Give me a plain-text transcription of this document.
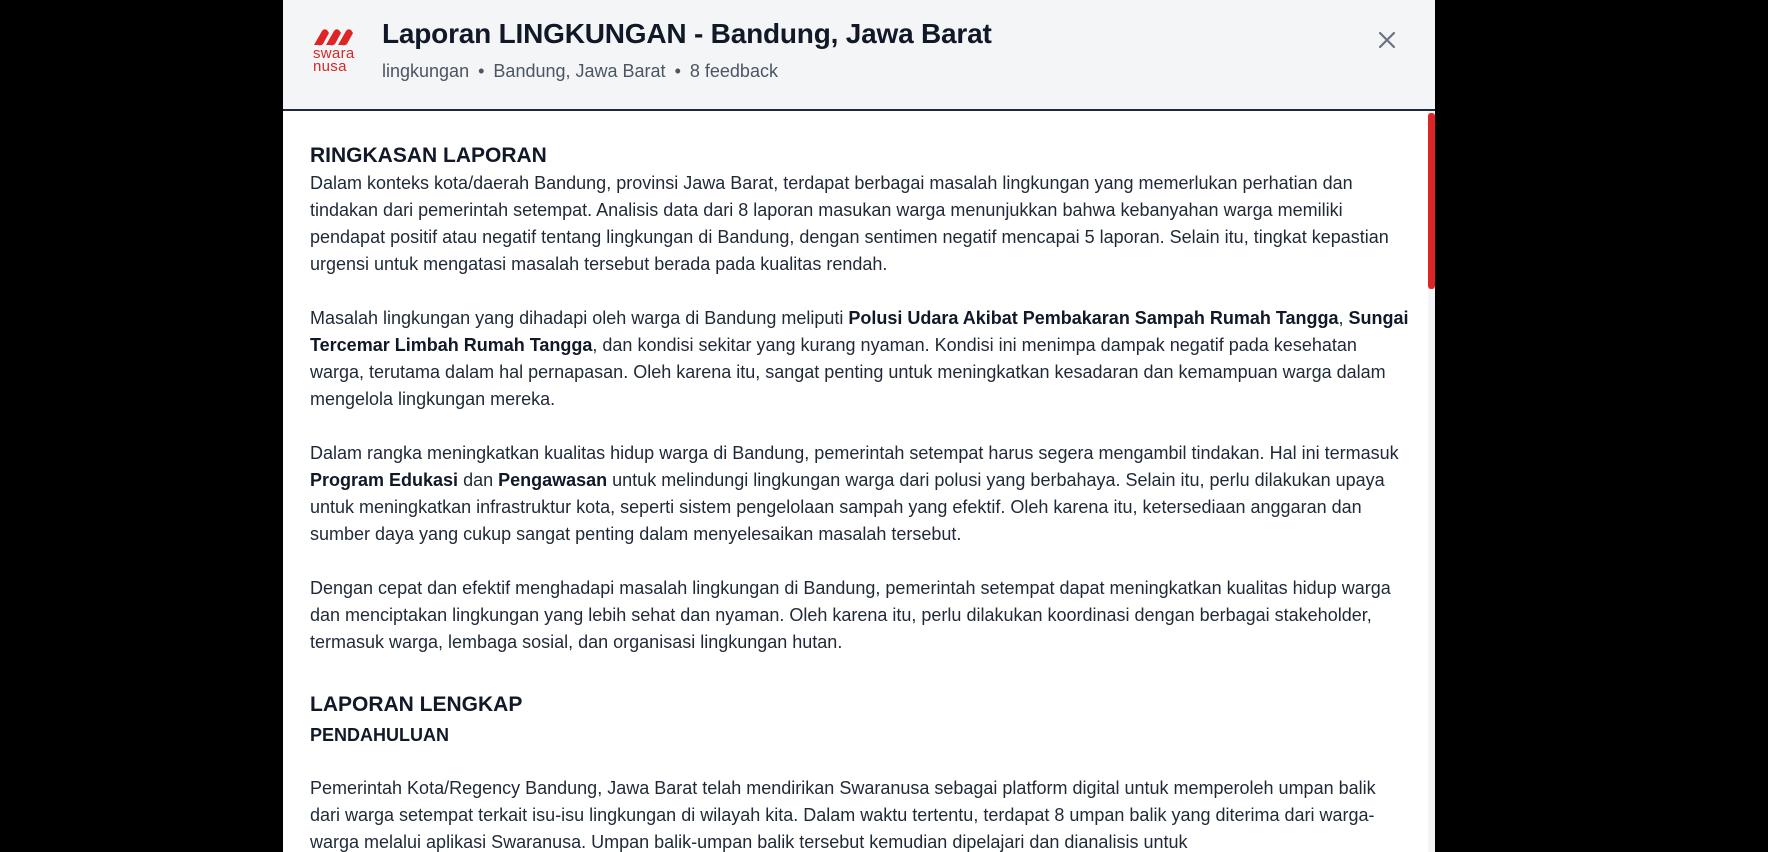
swara
nusa
Laporan LINGKUNGAN - Bandung, Jawa Barat
lingkungan • Bandung, Jawa Barat • 8 feedback
RINGKASAN LAPORAN

Dalam konteks kota/daerah Bandung, provinsi Jawa Barat, terdapat berbagai masalah lingkungan yang memerlukan perhatian dan tindakan dari pemerintah setempat. Analisis data dari 8 laporan masukan warga menunjukkan bahwa kebanyahan warga memiliki pendapat positif atau negatif tentang lingkungan di Bandung, dengan sentimen negatif mencapai 5 laporan. Selain itu, tingkat kepastian urgensi untuk mengatasi masalah tersebut berada pada kualitas rendah.

Masalah lingkungan yang dihadapi oleh warga di Bandung meliputi Polusi Udara Akibat Pembakaran Sampah Rumah Tangga, Sungai Tercemar Limbah Rumah Tangga, dan kondisi sekitar yang kurang nyaman. Kondisi ini menimpa dampak negatif pada kesehatan warga, terutama dalam hal pernapasan. Oleh karena itu, sangat penting untuk meningkatkan kesadaran dan kemampuan warga dalam mengelola lingkungan mereka.

Dalam rangka meningkatkan kualitas hidup warga di Bandung, pemerintah setempat harus segera mengambil tindakan. Hal ini termasuk Program Edukasi dan Pengawasan untuk melindungi lingkungan warga dari polusi yang berbahaya. Selain itu, perlu dilakukan upaya untuk meningkatkan infrastruktur kota, seperti sistem pengelolaan sampah yang efektif. Oleh karena itu, ketersediaan anggaran dan sumber daya yang cukup sangat penting dalam menyelesaikan masalah tersebut.

Dengan cepat dan efektif menghadapi masalah lingkungan di Bandung, pemerintah setempat dapat meningkatkan kualitas hidup warga dan menciptakan lingkungan yang lebih sehat dan nyaman. Oleh karena itu, perlu dilakukan koordinasi dengan berbagai stakeholder, termasuk warga, lembaga sosial, dan organisasi lingkungan hutan.

LAPORAN LENGKAP
PENDAHULUAN

Pemerintah Kota/Regency Bandung, Jawa Barat telah mendirikan Swaranusa sebagai platform digital untuk memperoleh umpan balik dari warga setempat terkait isu-isu lingkungan di wilayah kita. Dalam waktu tertentu, terdapat 8 umpan balik yang diterima dari warga-warga melalui aplikasi Swaranusa. Umpan balik-umpan balik tersebut kemudian dipelajari dan dianalisis untuk
